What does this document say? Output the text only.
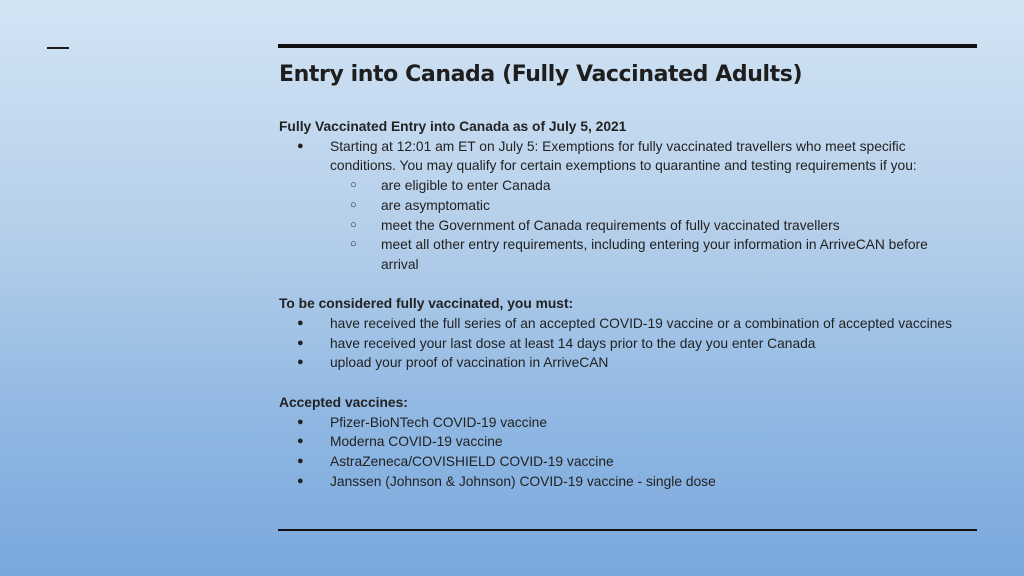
Entry into Canada (Fully Vaccinated Adults)

Fully Vaccinated Entry into Canada as of July 5, 2021

● Starting at 12:01 am ET on July 5: Exemptions for fully vaccinated travellers who meet specific conditions. You may qualify for certain exemptions to quarantine and testing requirements if you:
○ are eligible to enter Canada
○ are asymptomatic
○ meet the Government of Canada requirements of fully vaccinated travellers
○ meet all other entry requirements, including entering your information in ArriveCAN before arrival

To be considered fully vaccinated, you must:

● have received the full series of an accepted COVID-19 vaccine or a combination of accepted vaccines
● have received your last dose at least 14 days prior to the day you enter Canada
● upload your proof of vaccination in ArriveCAN

Accepted vaccines:

● Pfizer-BioNTech COVID-19 vaccine
● Moderna COVID-19 vaccine
● AstraZeneca/COVISHIELD COVID-19 vaccine
● Janssen (Johnson & Johnson) COVID-19 vaccine - single dose
